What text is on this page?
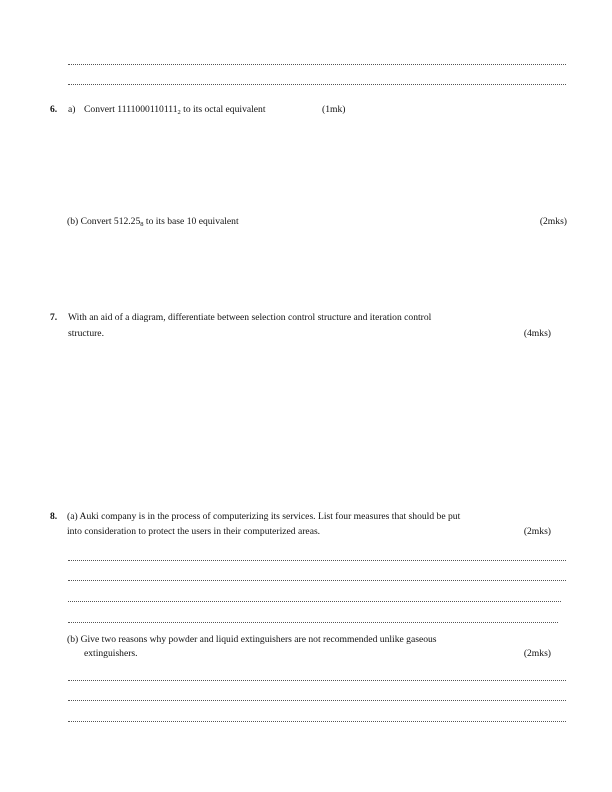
6. a) Convert $1111000110111_2$ to its octal equivalent	(1mk)
(b) Convert $512.25_8$ to its base 10 equivalent	(2mks)
7. With an aid of a diagram, differentiate between selection control structure and iteration control
structure.	(4mks)
8. (a) Auki company is in the process of computerizing its services. List four measures that should be put
into consideration to protect the users in their computerized areas.	(2mks)
(b) Give two reasons why powder and liquid extinguishers are not recommended unlike gaseous
extinguishers.	(2mks)
